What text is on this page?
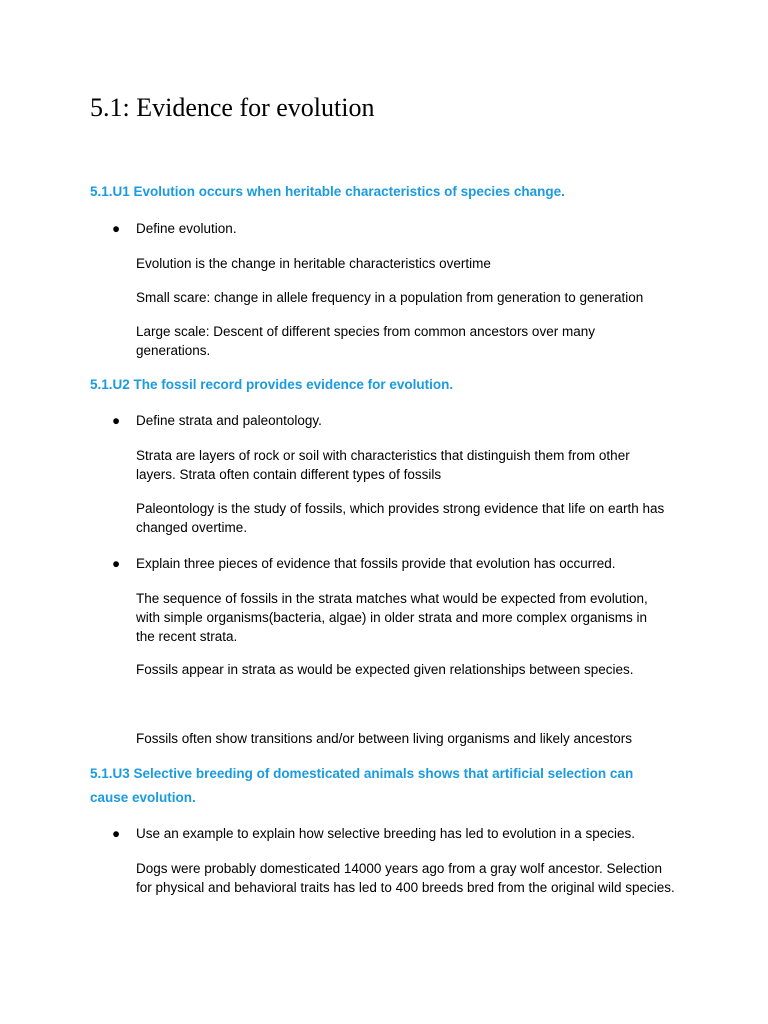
5.1: Evidence for evolution

5.1.U1 Evolution occurs when heritable characteristics of species change.

● Define evolution.

Evolution is the change in heritable characteristics overtime

Small scare: change in allele frequency in a population from generation to generation

Large scale: Descent of different species from common ancestors over many generations.

5.1.U2 The fossil record provides evidence for evolution.

● Define strata and paleontology.

Strata are layers of rock or soil with characteristics that distinguish them from other layers. Strata often contain different types of fossils

Paleontology is the study of fossils, which provides strong evidence that life on earth has changed overtime.

● Explain three pieces of evidence that fossils provide that evolution has occurred.

The sequence of fossils in the strata matches what would be expected from evolution, with simple organisms(bacteria, algae) in older strata and more complex organisms in the recent strata.

Fossils appear in strata as would be expected given relationships between species.

Fossils often show transitions and/or between living organisms and likely ancestors

5.1.U3 Selective breeding of domesticated animals shows that artificial selection can cause evolution.

● Use an example to explain how selective breeding has led to evolution in a species.

Dogs were probably domesticated 14000 years ago from a gray wolf ancestor. Selection for physical and behavioral traits has led to 400 breeds bred from the original wild species.
